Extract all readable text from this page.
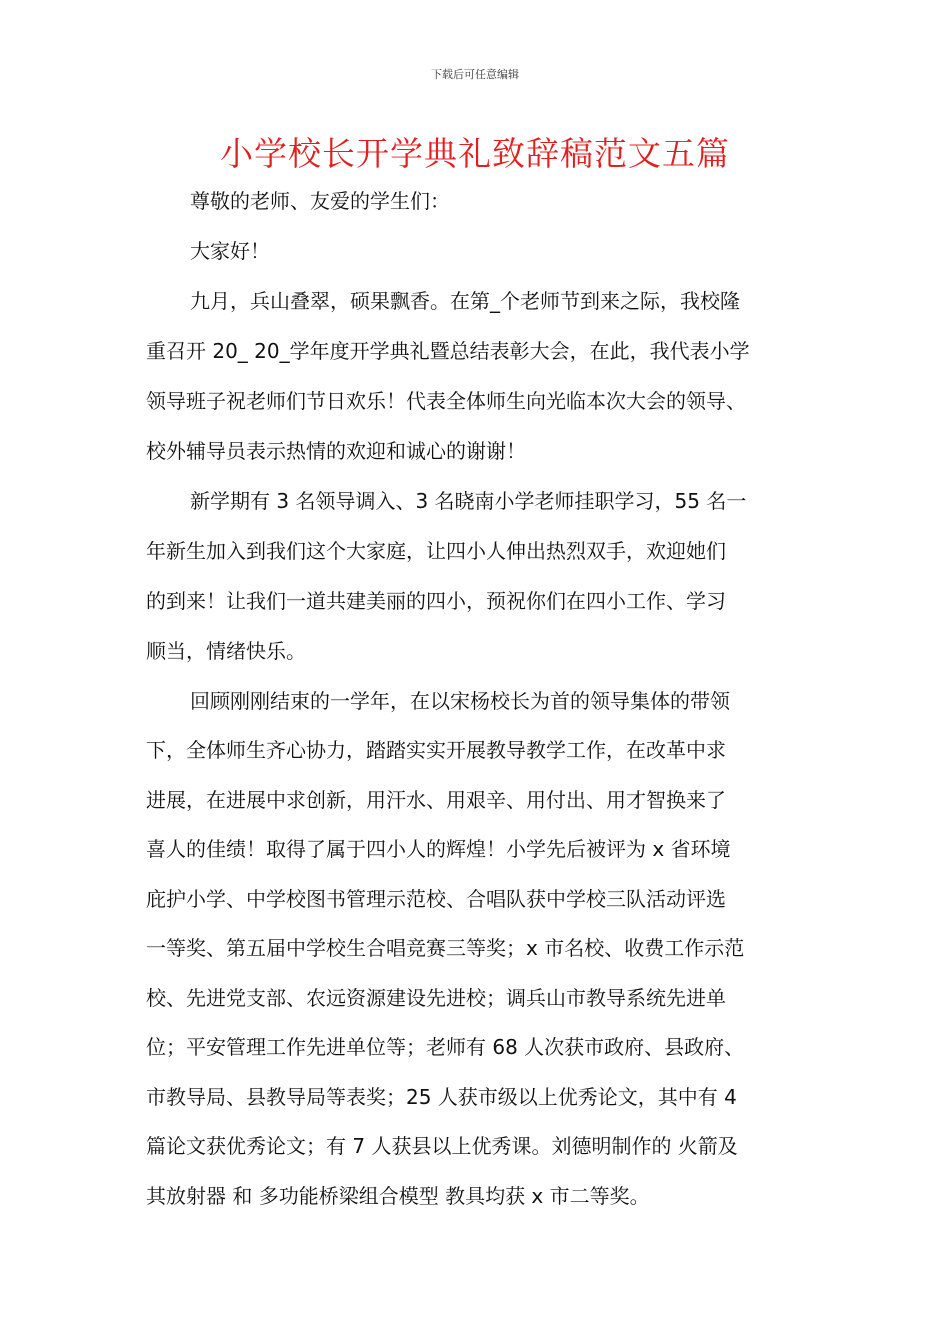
下载后可任意编辑
小学校长开学典礼致辞稿范文五篇
尊敬的老师、友爱的学生们：
大家好！
九月，兵山叠翠，硕果飘香。在第_个老师节到来之际，我校隆
重召开 20_ 20_学年度开学典礼暨总结表彰大会，在此，我代表小学
领导班子祝老师们节日欢乐！代表全体师生向光临本次大会的领导、
校外辅导员表示热情的欢迎和诚心的谢谢！
新学期有 3 名领导调入、3 名晓南小学老师挂职学习，55 名一
年新生加入到我们这个大家庭，让四小人伸出热烈双手，欢迎她们
的到来！让我们一道共建美丽的四小，预祝你们在四小工作、学习
顺当，情绪快乐。
回顾刚刚结束的一学年，在以宋杨校长为首的领导集体的带领
下，全体师生齐心协力，踏踏实实开展教导教学工作，在改革中求
进展，在进展中求创新，用汗水、用艰辛、用付出、用才智换来了
喜人的佳绩！取得了属于四小人的辉煌！小学先后被评为 x 省环境
庇护小学、中学校图书管理示范校、合唱队获中学校三队活动评选
一等奖、第五届中学校生合唱竞赛三等奖；x 市名校、收费工作示范
校、先进党支部、农远资源建设先进校；调兵山市教导系统先进单
位；平安管理工作先进单位等；老师有 68 人次获市政府、县政府、
市教导局、县教导局等表奖；25 人获市级以上优秀论文，其中有 4
篇论文获优秀论文；有 7 人获县以上优秀课。刘德明制作的 火箭及
其放射器 和 多功能桥梁组合模型 教具均获 x 市二等奖。
